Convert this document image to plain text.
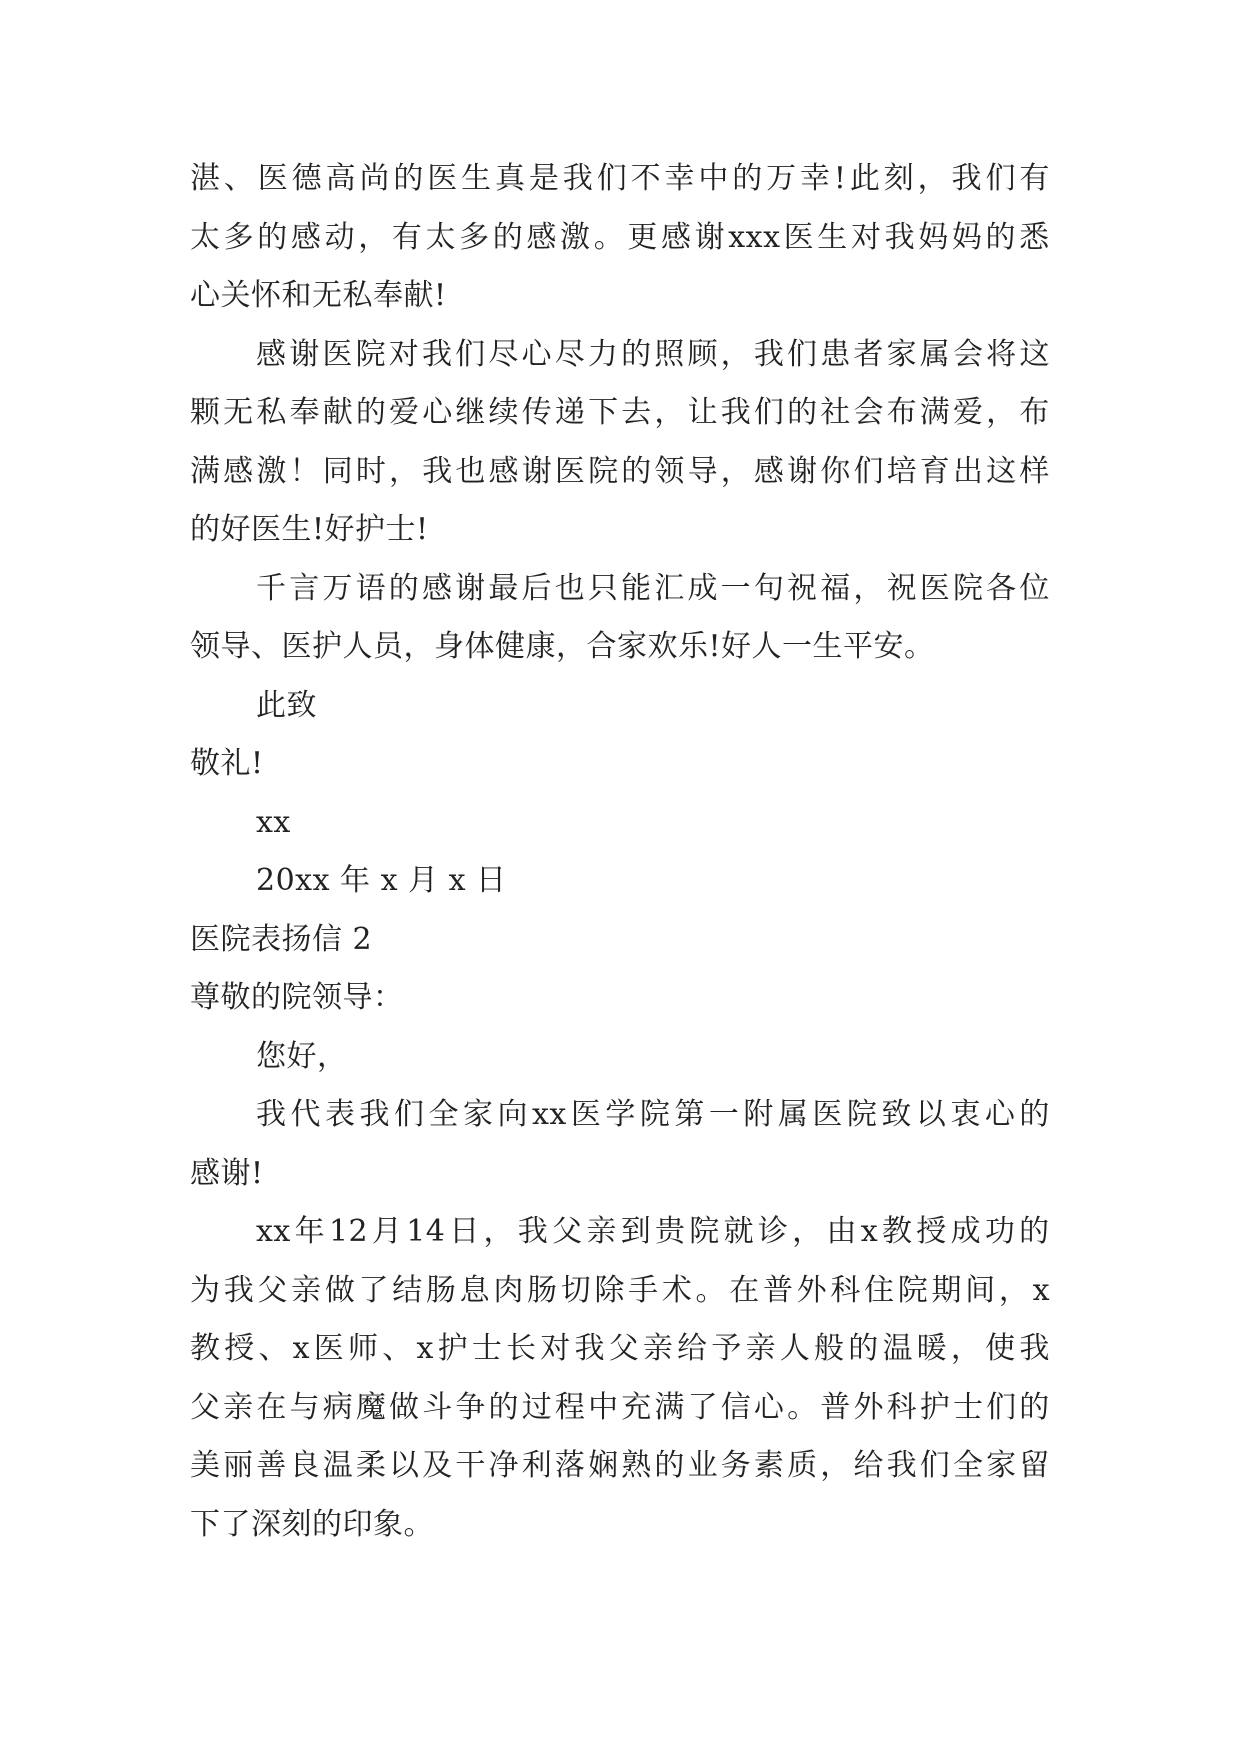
湛 、 医 德 高 尚 的 医 生 真 是 我 们 不 幸 中 的 万 幸 ! 此 刻 ， 我 们 有
太 多 的 感 动 ， 有 太 多 的 感 激 。 更 感 谢 xxx 医 生 对 我 妈 妈 的 悉
心关怀和无私奉献!
感 谢 医 院 对 我 们 尽 心 尽 力 的 照 顾 ， 我 们 患 者 家 属 会 将 这
颗 无 私 奉 献 的 爱 心 继 续 传 递 下 去 ， 让 我 们 的 社 会 布 满 爱 ， 布
满 感 激 ！ 同 时 ， 我 也 感 谢 医 院 的 领 导 ， 感 谢 你 们 培 育 出 这 样
的好医生!好护士!
千 言 万 语 的 感 谢 最 后 也 只 能 汇 成 一 句 祝 福 ， 祝 医 院 各 位
领导、医护人员，身体健康，合家欢乐!好人一生平安。
此致
敬礼!
xx
20xx 年 x 月 x 日
医院表扬信 2
尊敬的院领导：
您好，
我 代 表 我 们 全 家 向 xx 医 学 院 第 一 附 属 医 院 致 以 衷 心 的
感谢!
xx 年 12 月 14 日 ， 我 父 亲 到 贵 院 就 诊 ， 由 x 教 授 成 功 的
为 我 父 亲 做 了 结 肠 息 肉 肠 切 除 手 术 。 在 普 外 科 住 院 期 间 ， x
教 授 、 x 医 师 、 x 护 士 长 对 我 父 亲 给 予 亲 人 般 的 温 暖 ， 使 我
父 亲 在 与 病 魔 做 斗 争 的 过 程 中 充 满 了 信 心 。 普 外 科 护 士 们 的
美 丽 善 良 温 柔 以 及 干 净 利 落 娴 熟 的 业 务 素 质 ， 给 我 们 全 家 留
下了深刻的印象。
